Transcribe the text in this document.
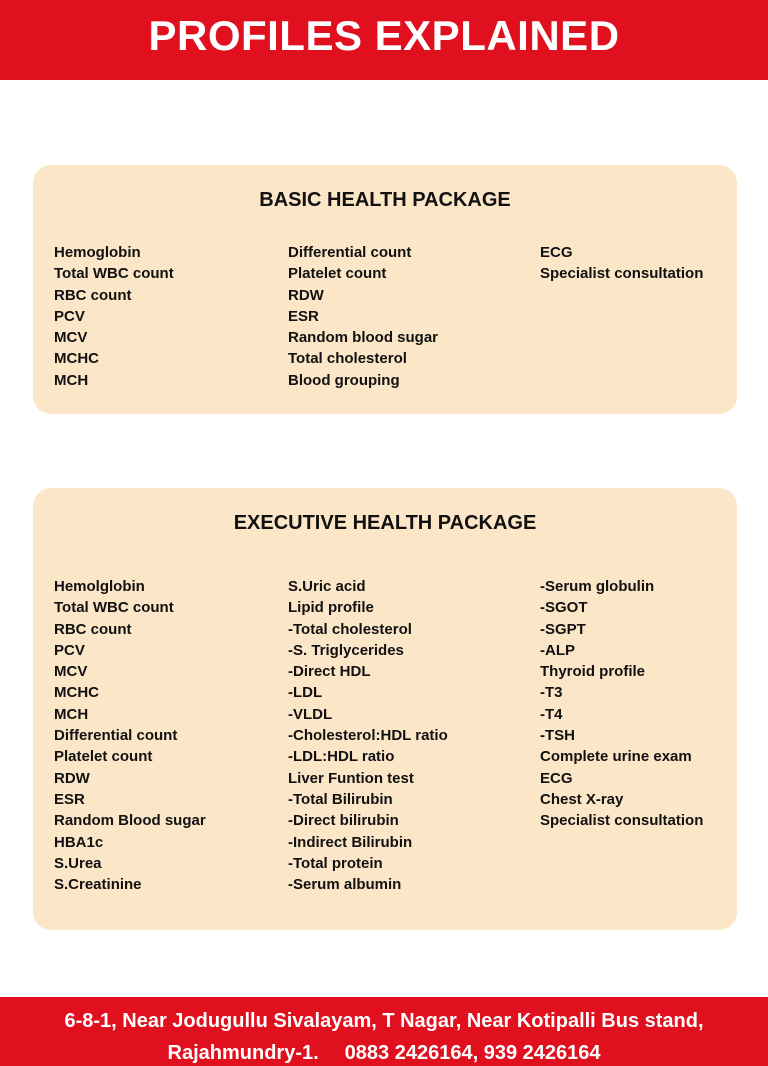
PROFILES EXPLAINED
BASIC HEALTH PACKAGE
Hemoglobin
Total WBC count
RBC count
PCV
MCV
MCHC
MCH
Differential count
Platelet count
RDW
ESR
Random blood sugar
Total cholesterol
Blood grouping
ECG
Specialist consultation
EXECUTIVE HEALTH PACKAGE
Hemolglobin
Total WBC count
RBC count
PCV
MCV
MCHC
MCH
Differential count
Platelet count
RDW
ESR
Random Blood sugar
HBA1c
S.Urea
S.Creatinine
S.Uric acid
Lipid profile
-Total cholesterol
-S. Triglycerides
-Direct HDL
-LDL
-VLDL
-Cholesterol:HDL ratio
-LDL:HDL ratio
Liver Funtion test
-Total Bilirubin
-Direct bilirubin
-Indirect Bilirubin
-Total protein
-Serum albumin
-Serum globulin
-SGOT
-SGPT
-ALP
Thyroid profile
-T3
-T4
-TSH
Complete urine exam
ECG
Chest X-ray
Specialist consultation
6-8-1, Near Jodugullu Sivalayam, T Nagar, Near Kotipalli Bus stand,
Rajahmundry-1. 0883 2426164, 939 2426164
